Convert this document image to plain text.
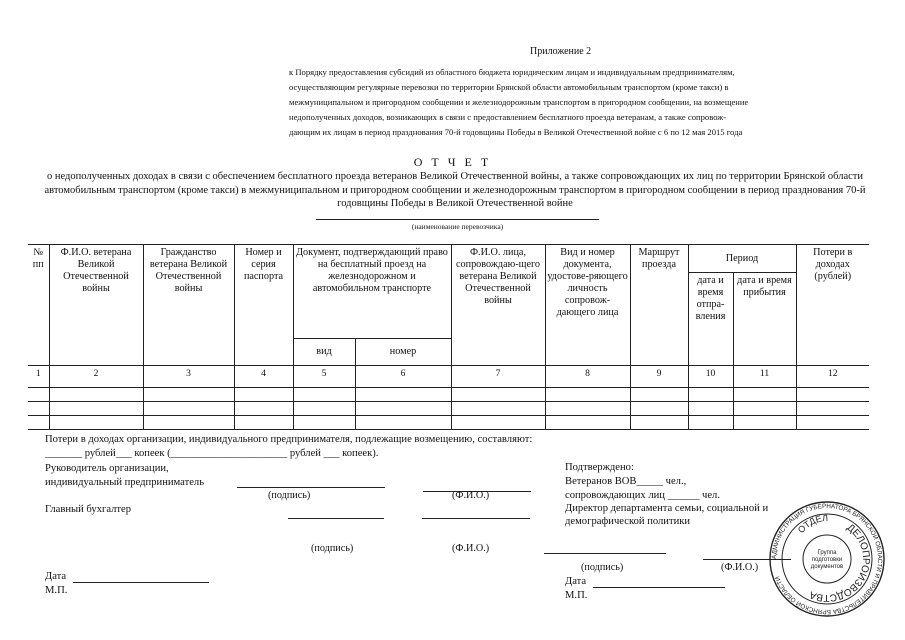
Приложение 2
к Порядку предоставления субсидий из областного бюджета юридическим лицам и индивидуальным предпринимателям,
осуществляющим регулярные перевозки по территории Брянской области автомобильным транспортом (кроме такси) в
межмуниципальном и пригородном сообщении и железнодорожным транспортом в пригородном сообщении, на возмещение
недополученных доходов, возникающих в связи с предоставлением бесплатного проезда ветеранам, а также сопровож-
дающим их лицам в период празднования 70-й годовщины Победы в Великой Отечественной войне с 6 по 12 мая 2015 года
О Т Ч Е Т
о недополученных доходах в связи с обеспечением бесплатного проезда ветеранов Великой Отечественной войны, а также сопровождающих их лиц по территории Брянской области автомобильным транспортом (кроме такси) в межмуниципальном и пригородном сообщении и железнодорожным транспортом в пригородном сообщении в период празднования 70-й годовщины Победы в Великой Отечественной войне
(наименование перевозчика)
№ пп	Ф.И.О. ветерана Великой Отечественной войны	Гражданство ветерана Великой Отечественной войны	Номер и серия паспорта	Документ, подтверждающий право на бесплатный проезд на железнодорожном и автомобильном транспорте		Ф.И.О. лица, сопровождаю-щего ветерана Великой Отечественной войны	Вид и номер документа, удостове-ряющего личность сопровож-дающего лица	Маршрут проезда	Период		Потери в доходах (рублей)
									дата и время отпра-вления	дата и время прибытия	
				вид	номер						
1	2	3	4	5	6	7	8	9	10	11	12

Потери в доходах организации, индивидуального предпринимателя, подлежащие возмещению, составляют:
_______ рублей___ копеек (______________________ рублей ___ копеек).
Руководитель организации,
индивидуальный предприниматель
(подпись)	(Ф.И.О.)
Главный бухгалтер
(подпись)	(Ф.И.О.)
Дата
М.П.
Подтверждено:
Ветеранов ВОВ_____ чел.,
сопровождающих лиц ______ чел.
Директор департамента семьи, социальной и
демографической политики
(подпись)	(Ф.И.О.)
Дата
М.П.
АДМИНИСТРАЦИЯ ГУБЕРНАТОРА БРЯНСКОЙ ОБЛАСТИ И ПРАВИТЕЛЬСТВА БРЯНСКОЙ ОБЛАСТИ
ДЕЛОПРОИЗВОДСТВА
ОТДЕЛ
Группа
подготовки
документов
